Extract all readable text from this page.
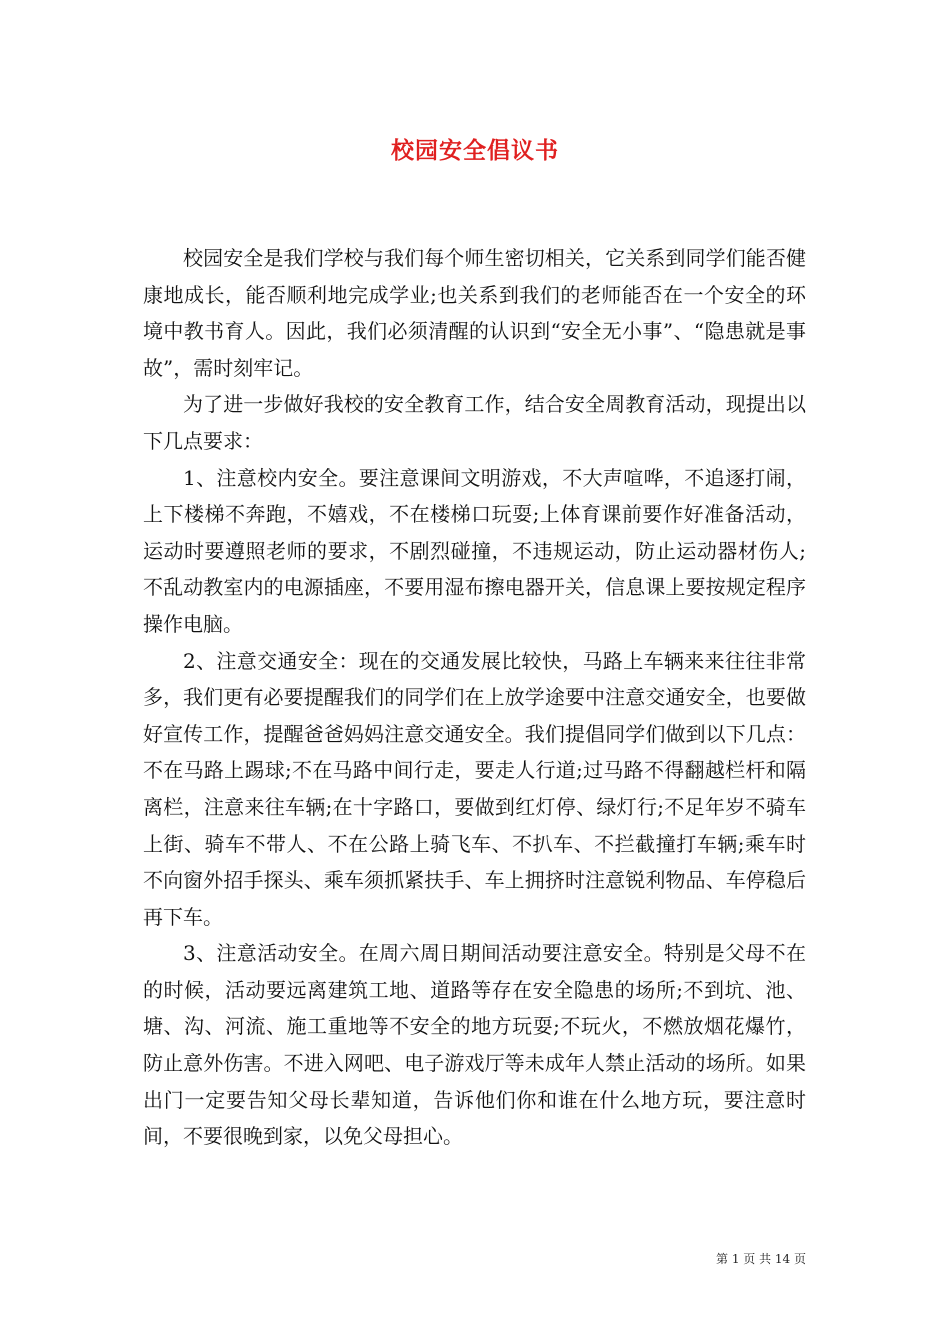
校园安全倡议书

校园安全是我们学校与我们每个师生密切相关，它关系到同学们能否健康地成长，能否顺利地完成学业;也关系到我们的老师能否在一个安全的环境中教书育人。因此，我们必须清醒的认识到“安全无小事”、“隐患就是事故”，需时刻牢记。

为了进一步做好我校的安全教育工作，结合安全周教育活动，现提出以下几点要求：

1、注意校内安全。要注意课间文明游戏，不大声喧哗，不追逐打闹，上下楼梯不奔跑，不嬉戏，不在楼梯口玩耍;上体育课前要作好准备活动，运动时要遵照老师的要求，不剧烈碰撞，不违规运动，防止运动器材伤人;不乱动教室内的电源插座，不要用湿布擦电器开关，信息课上要按规定程序操作电脑。

2、注意交通安全：现在的交通发展比较快，马路上车辆来来往往非常多，我们更有必要提醒我们的同学们在上放学途要中注意交通安全，也要做好宣传工作，提醒爸爸妈妈注意交通安全。我们提倡同学们做到以下几点：不在马路上踢球;不在马路中间行走，要走人行道;过马路不得翻越栏杆和隔离栏，注意来往车辆;在十字路口，要做到红灯停、绿灯行;不足年岁不骑车上街、骑车不带人、不在公路上骑飞车、不扒车、不拦截撞打车辆;乘车时不向窗外招手探头、乘车须抓紧扶手、车上拥挤时注意锐利物品、车停稳后再下车。

3、注意活动安全。在周六周日期间活动要注意安全。特别是父母不在的时候，活动要远离建筑工地、道路等存在安全隐患的场所;不到坑、池、塘、沟、河流、施工重地等不安全的地方玩耍;不玩火，不燃放烟花爆竹，防止意外伤害。不进入网吧、电子游戏厅等未成年人禁止活动的场所。如果出门一定要告知父母长辈知道，告诉他们你和谁在什么地方玩，要注意时间，不要很晚到家，以免父母担心。

第 1 页 共 14 页
